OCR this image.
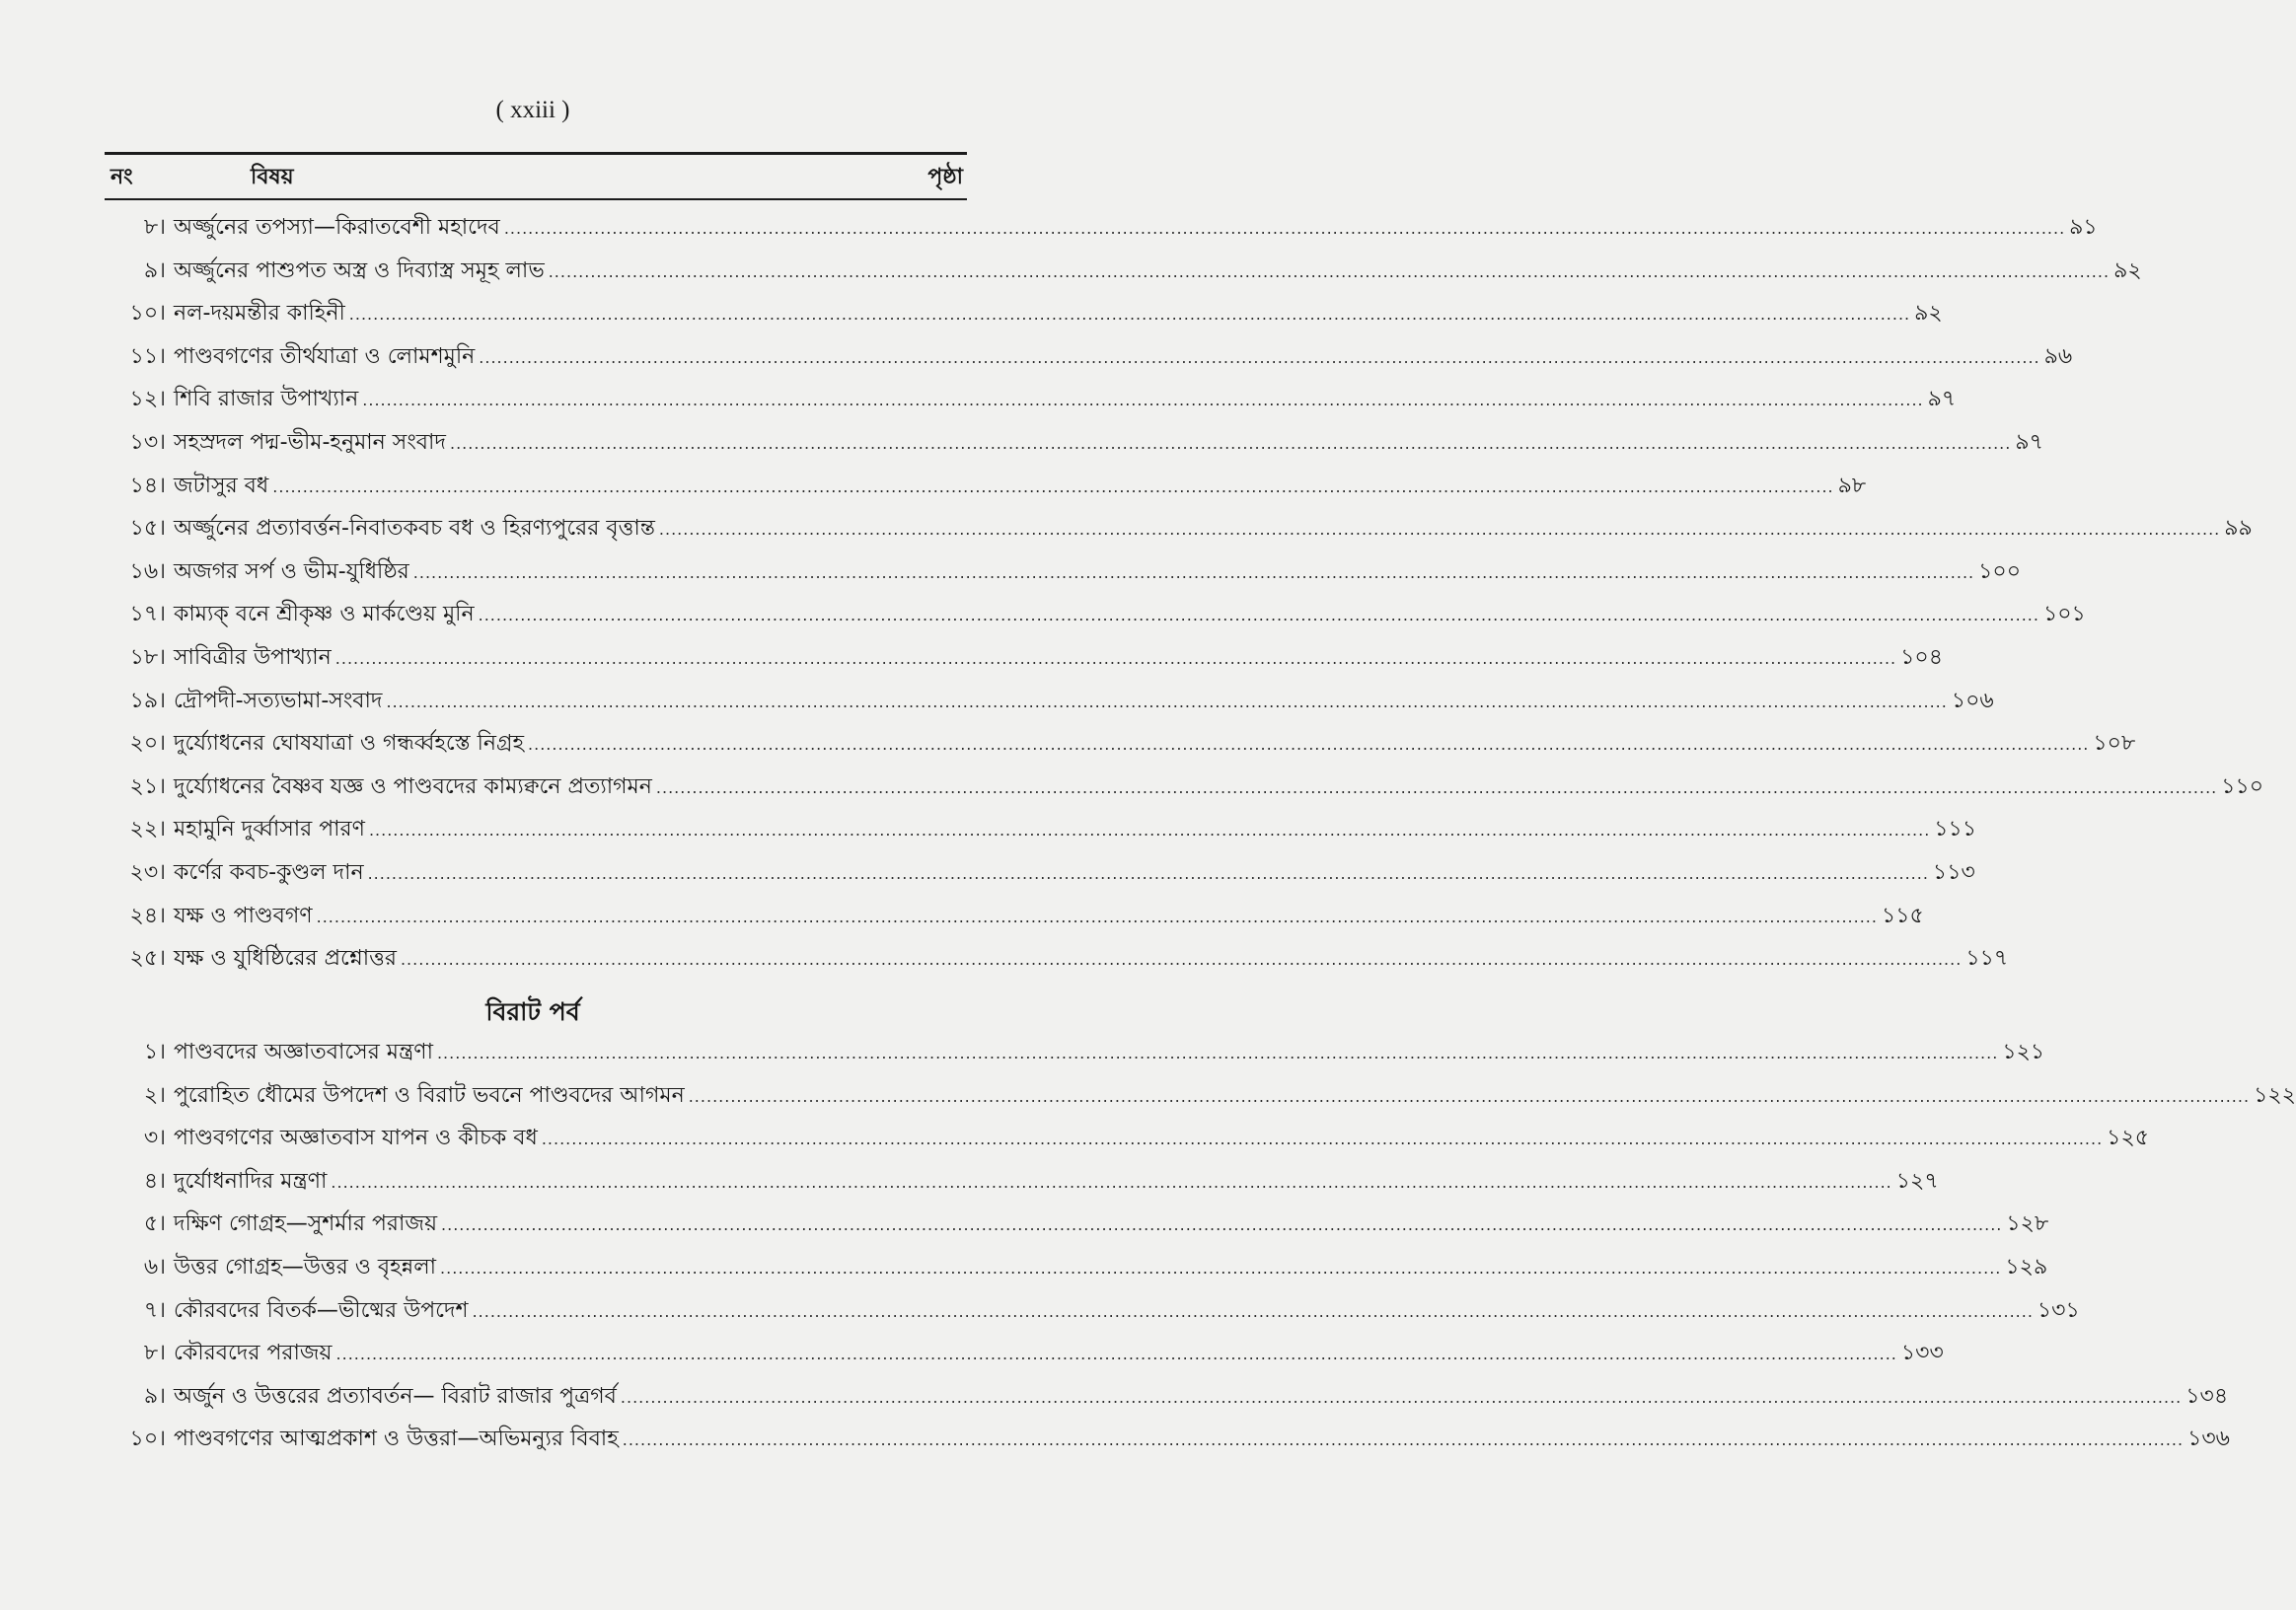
( xxiii )
নং	বিষয়	পৃষ্ঠা
৮। অর্জ্জুনের তপস্যা—কিরাতবেশী মহাদেব .................................................................................................................................................................................................................................................................... ৯১
৯। অর্জ্জুনের পাশুপত অস্ত্র ও দিব্যাস্ত্র সমূহ লাভ .................................................................................................................................................................................................................................................................... ৯২
১০। নল-দয়মন্তীর কাহিনী .................................................................................................................................................................................................................................................................... ৯২
১১। পাণ্ডবগণের তীর্থযাত্রা ও লোমশমুনি .................................................................................................................................................................................................................................................................... ৯৬
১২। শিবি রাজার উপাখ্যান .................................................................................................................................................................................................................................................................... ৯৭
১৩। সহস্রদল পদ্ম-ভীম-হনুমান সংবাদ .................................................................................................................................................................................................................................................................... ৯৭
১৪। জটাসুর বধ .................................................................................................................................................................................................................................................................... ৯৮
১৫। অর্জ্জুনের প্রত্যাবর্ত্তন-নিবাতকবচ বধ ও হিরণ্যপুরের বৃত্তান্ত .................................................................................................................................................................................................................................................................... ৯৯
১৬। অজগর সর্প ও ভীম-যুধিষ্ঠির .................................................................................................................................................................................................................................................................... ১০০
১৭। কাম্যক্ বনে শ্রীকৃষ্ণ ও মার্কণ্ডেয় মুনি .................................................................................................................................................................................................................................................................... ১০১
১৮। সাবিত্রীর উপাখ্যান .................................................................................................................................................................................................................................................................... ১০৪
১৯। দ্রৌপদী-সত্যভামা-সংবাদ .................................................................................................................................................................................................................................................................... ১০৬
২০। দুর্য্যোধনের ঘোষযাত্রা ও গন্ধর্ব্বহস্তে নিগ্রহ .................................................................................................................................................................................................................................................................... ১০৮
২১। দুর্য্যোধনের বৈষ্ণব যজ্ঞ ও পাণ্ডবদের কাম্যক্বনে প্রত্যাগমন .................................................................................................................................................................................................................................................................... ১১০
২২। মহামুনি দুর্ব্বাসার পারণ .................................................................................................................................................................................................................................................................... ১১১
২৩। কর্ণের কবচ-কুণ্ডল দান .................................................................................................................................................................................................................................................................... ১১৩
২৪। যক্ষ ও পাণ্ডবগণ .................................................................................................................................................................................................................................................................... ১১৫
২৫। যক্ষ ও যুধিষ্ঠিরের প্রশ্নোত্তর .................................................................................................................................................................................................................................................................... ১১৭
১। পাণ্ডবদের অজ্ঞাতবাসের মন্ত্রণা .................................................................................................................................................................................................................................................................... ১২১
২। পুরোহিত ধৌমের উপদেশ ও বিরাট ভবনে পাণ্ডবদের আগমন .................................................................................................................................................................................................................................................................... ১২২
৩। পাণ্ডবগণের অজ্ঞাতবাস যাপন ও কীচক বধ .................................................................................................................................................................................................................................................................... ১২৫
৪। দুর্যোধনাদির মন্ত্রণা .................................................................................................................................................................................................................................................................... ১২৭
৫। দক্ষিণ গোগ্রহ—সুশর্মার পরাজয় .................................................................................................................................................................................................................................................................... ১২৮
৬। উত্তর গোগ্রহ—উত্তর ও বৃহন্নলা .................................................................................................................................................................................................................................................................... ১২৯
৭। কৌরবদের বিতর্ক—ভীষ্মের উপদেশ .................................................................................................................................................................................................................................................................... ১৩১
৮। কৌরবদের পরাজয় .................................................................................................................................................................................................................................................................... ১৩৩
৯। অর্জুন ও উত্তরের প্রত্যাবর্তন— বিরাট রাজার পুত্রগর্ব .................................................................................................................................................................................................................................................................... ১৩৪
১০। পাণ্ডবগণের আত্মপ্রকাশ ও উত্তরা—অভিমন্যুর বিবাহ .................................................................................................................................................................................................................................................................... ১৩৬
বিরাট পর্ব
